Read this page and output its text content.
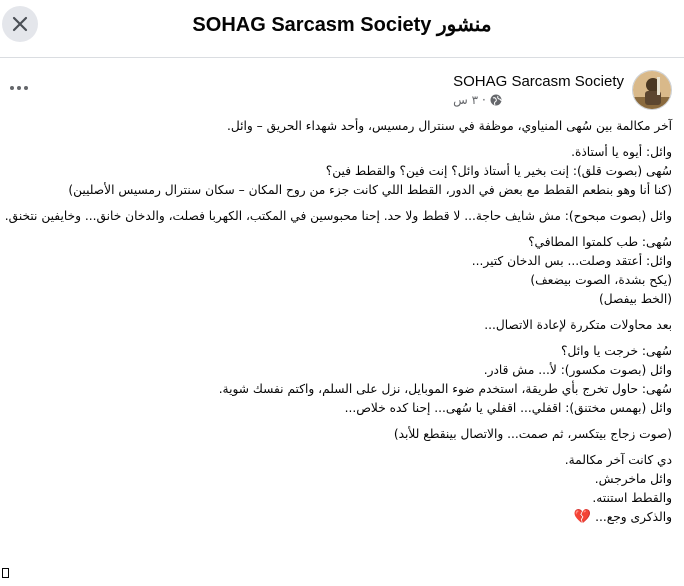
منشور SOHAG Sarcasm Society
SOHAG Sarcasm Society
٣ س ·
آخر مكالمة بين سُهى المنياوي، موظفة في سنترال رمسيس، وأحد شهداء الحريق – وائل.
وائل: أيوه يا أستاذة.
سُهى (بصوت قلق): إنت بخير يا أستاذ وائل؟ إنت فين؟ والقطط فين؟
(كنا أنا وهو بنطعم القطط مع بعض في الدور، القطط اللي كانت جزء من روح المكان – سكان سنترال رمسيس الأصليين)
وائل (بصوت مبحوح): مش شايف حاجة... لا قطط ولا حد. إحنا محبوسين في المكتب، الكهربا فصلت، والدخان خانق... وخايفين نتخنق.
سُهى: طب كلمتوا المطافي؟
وائل: أعتقد وصلت... بس الدخان كتير...
(يكح بشدة، الصوت بيضعف)
(الخط بيفصل)
بعد محاولات متكررة لإعادة الاتصال...
سُهى: خرجت يا وائل؟
وائل (بصوت مكسور): لأ... مش قادر.
سُهى: حاول تخرج بأي طريقة، استخدم ضوء الموبايل، نزل على السلم، واكتم نفسك شوية.
وائل (بهمس مختنق): اقفلي... اقفلي يا سُهى... إحنا كده خلاص...
(صوت زجاج بيتكسر، ثم صمت... والاتصال بينقطع للأبد)
دي كانت آخر مكالمة.
وائل ماخرجش.
والقطط استنته.
والذكرى وجع... 💔
